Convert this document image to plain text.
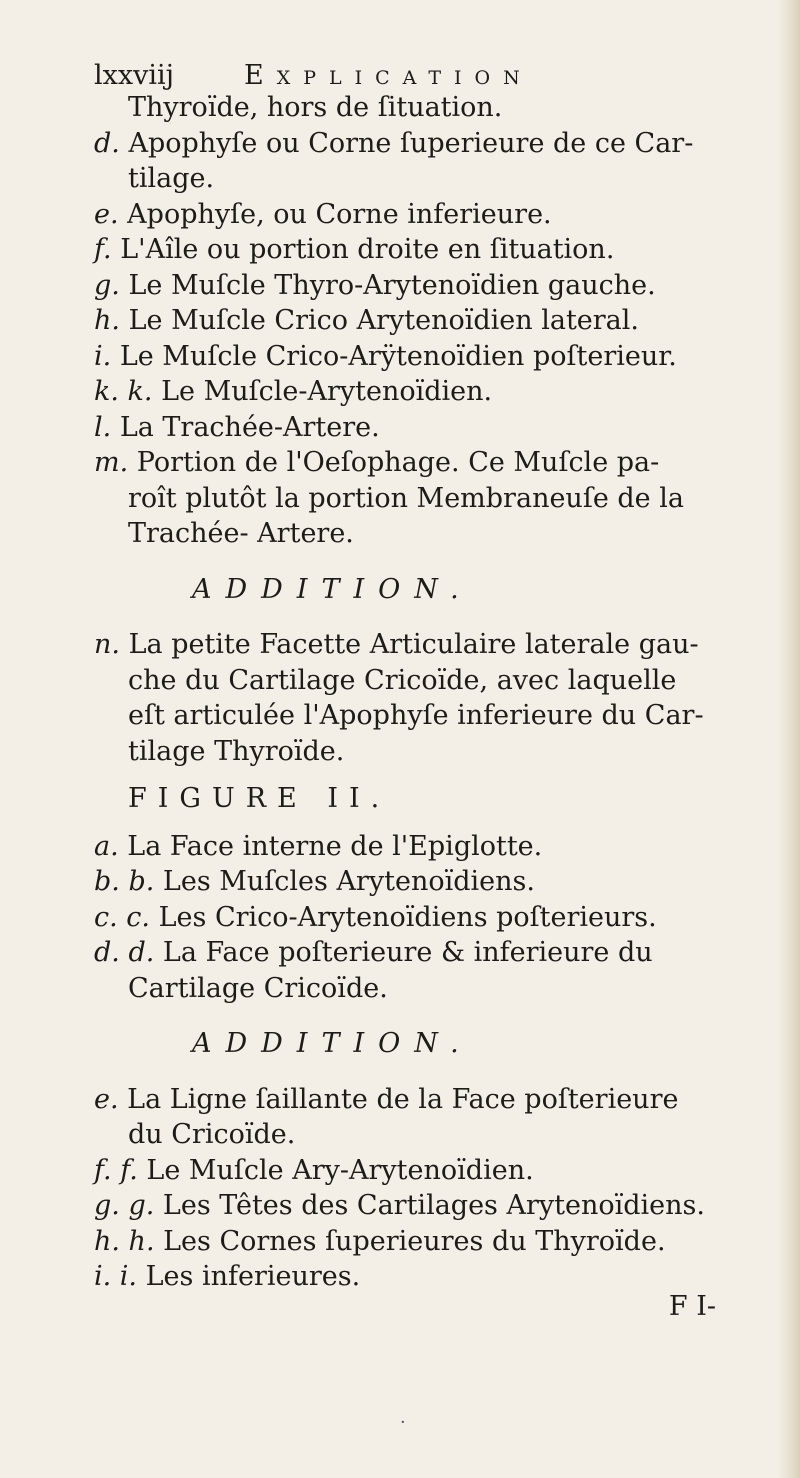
lxxviij	Explication
Thyroïde, hors de ſituation.
d. Apophyſe ou Corne ſuperieure de ce Car-
tilage.
e. Apophyſe, ou Corne inferieure.
f. L'Aîle ou portion droite en ſituation.
g. Le Muſcle Thyro-Arytenoïdien gauche.
h. Le Muſcle Crico Arytenoïdien lateral.
i. Le Muſcle Crico-Arÿtenoïdien poſterieur.
k. k. Le Muſcle-Arytenoïdien.
l. La Trachée-Artere.
m. Portion de l'Oeſophage. Ce Muſcle pa-
roît plutôt la portion Membraneuſe de la
Trachée- Artere.
ADDITION.
n. La petite Facette Articulaire laterale gau-
che du Cartilage Cricoïde, avec laquelle
eſt articulée l'Apophyſe inferieure du Car-
tilage Thyroïde.
FIGURE II.
a. La Face interne de l'Epiglotte.
b. b. Les Muſcles Arytenoïdiens.
c. c. Les Crico-Arytenoïdiens poſterieurs.
d. d. La Face poſterieure & inferieure du
Cartilage Cricoïde.
ADDITION.
e. La Ligne ſaillante de la Face poſterieure
du Cricoïde.
f. f. Le Muſcle Ary-Arytenoïdien.
g. g. Les Têtes des Cartilages Arytenoïdiens.
h. h. Les Cornes ſuperieures du Thyroïde.
i. i. Les inferieures.
F I-
·
